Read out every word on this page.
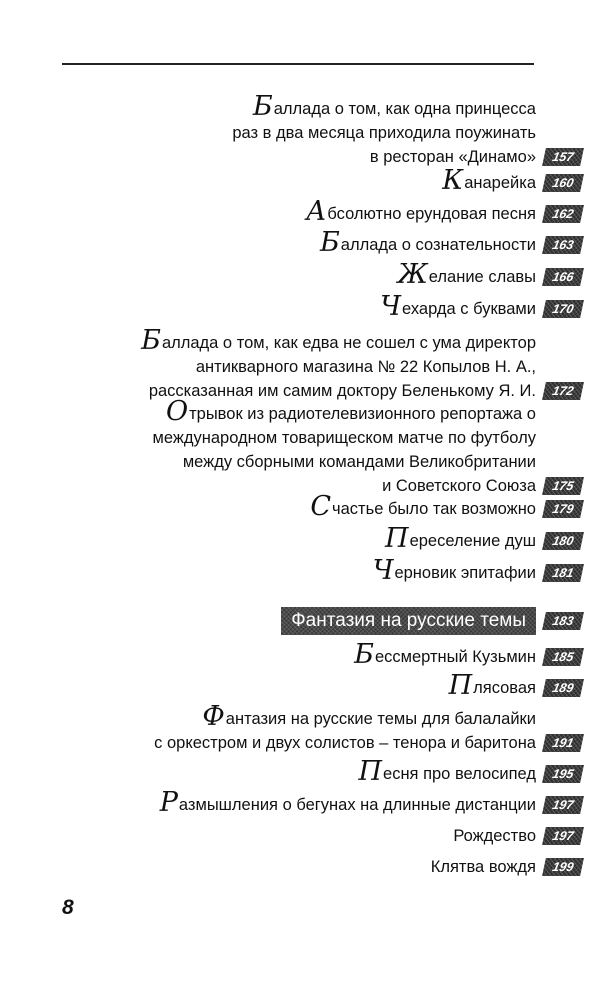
Баллада о том, как одна принцесса
раз в два месяца приходила поужинать
в ресторан «Динамо»	157
Канарейка	160
Абсолютно ерундовая песня	162
Баллада о сознательности	163
Желание славы	166
Чехарда с буквами	170
Баллада о том, как едва не сошел с ума директор
антикварного магазина № 22 Копылов Н. А.,
рассказанная им самим доктору Беленькому Я. И.	172
Отрывок из радиотелевизионного репортажа о
международном товарищеском матче по футболу
между сборными командами Великобритании
и Советского Союза	175
Счастье было так возможно	179
Переселение душ	180
Черновик эпитафии	181
Фантазия на русские темы	183
Бессмертный Кузьмин	185
Плясовая	189
Фантазия на русские темы для балалайки
с оркестром и двух солистов – тенора и баритона	191
Песня про велосипед	195
Размышления о бегунах на длинные дистанции	197
Рождество	197
Клятва вождя	199
8
